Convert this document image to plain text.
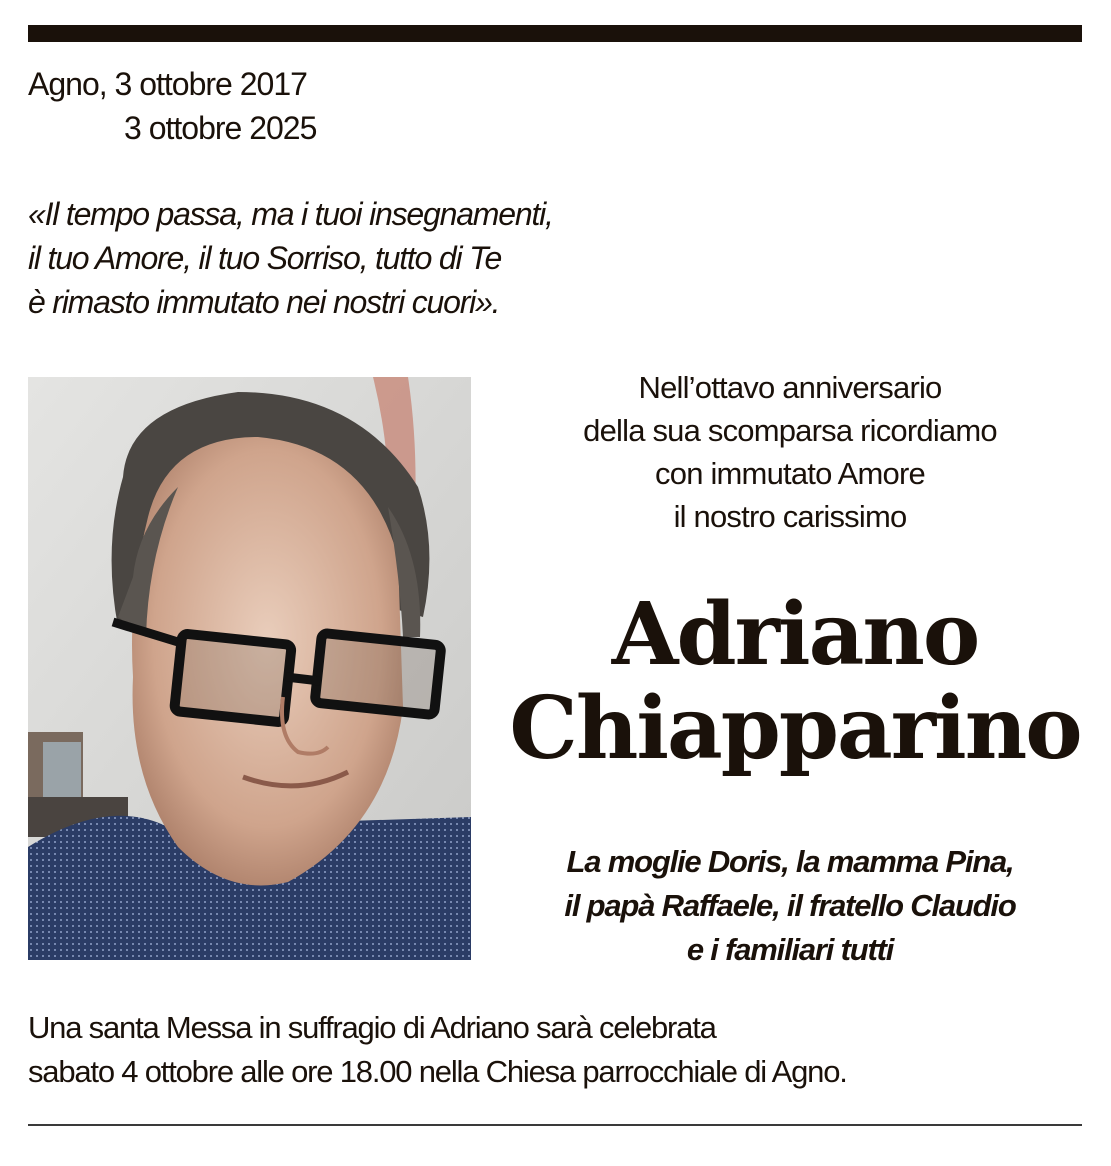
Agno, 3 ottobre 2017
3 ottobre 2025
«Il tempo passa, ma i tuoi insegnamenti,
il tuo Amore, il tuo Sorriso, tutto di Te
è rimasto immutato nei nostri cuori».
Nell’ottavo anniversario
della sua scomparsa ricordiamo
con immutato Amore
il nostro carissimo
Adriano
Chiapparino
La moglie Doris, la mamma Pina,
il papà Raffaele, il fratello Claudio
e i familiari tutti
Una santa Messa in suffragio di Adriano sarà celebrata
sabato 4 ottobre alle ore 18.00 nella Chiesa parrocchiale di Agno.
